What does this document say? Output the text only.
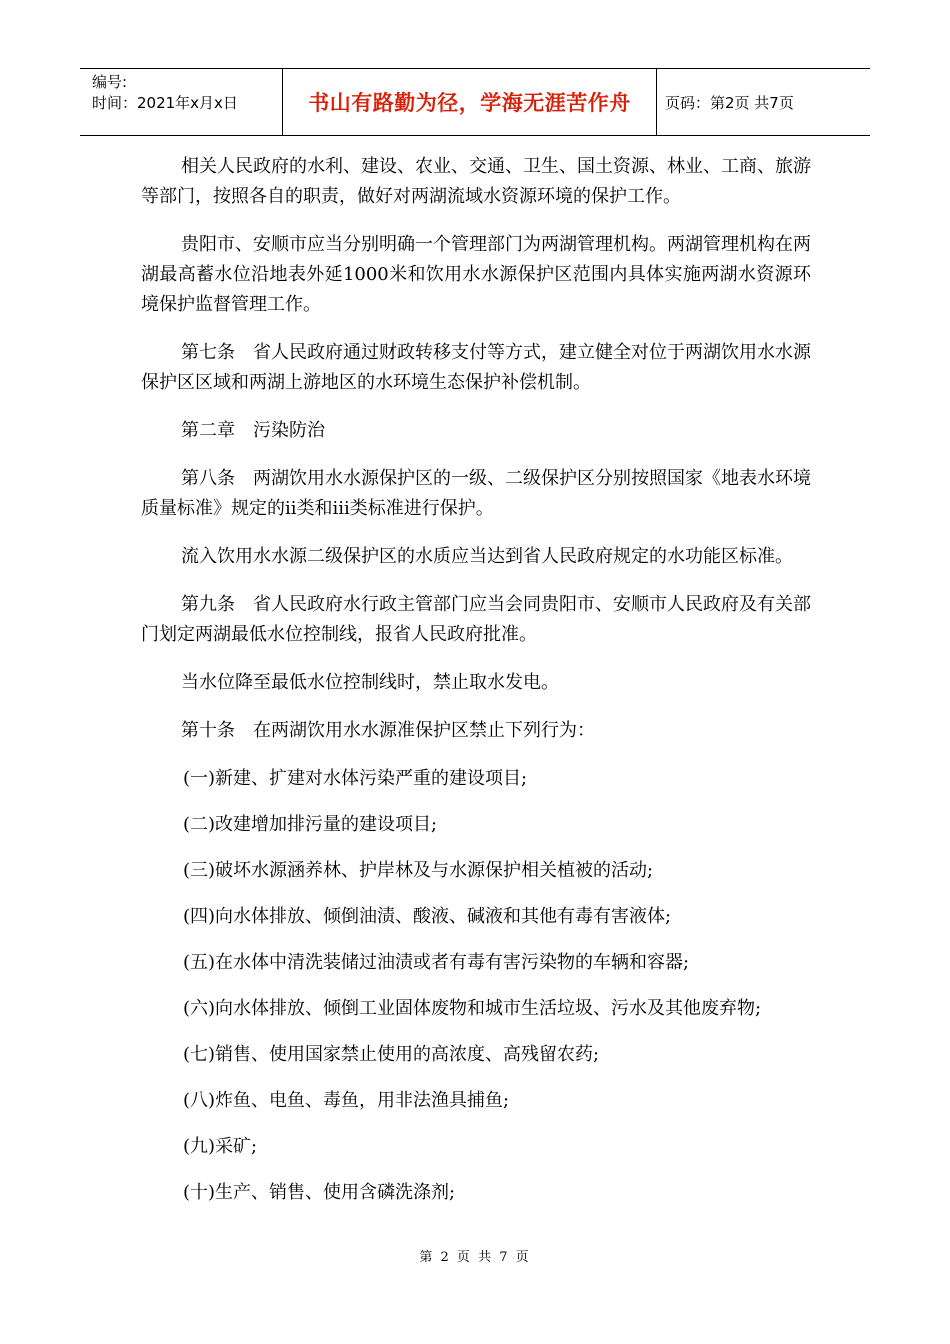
编号:
时间：2021年x月x日	书山有路勤为径，学海无涯苦作舟	页码：第2页 共7页

相关人民政府的水利、建设、农业、交通、卫生、国土资源、林业、工商、旅游等部门，按照各自的职责，做好对两湖流域水资源环境的保护工作。

贵阳市、安顺市应当分别明确一个管理部门为两湖管理机构。两湖管理机构在两湖最高蓄水位沿地表外延1000米和饮用水水源保护区范围内具体实施两湖水资源环境保护监督管理工作。

第七条　省人民政府通过财政转移支付等方式，建立健全对位于两湖饮用水水源保护区区域和两湖上游地区的水环境生态保护补偿机制。

第二章　污染防治

第八条　两湖饮用水水源保护区的一级、二级保护区分别按照国家《地表水环境质量标准》规定的ⅱ类和ⅲ类标准进行保护。

流入饮用水水源二级保护区的水质应当达到省人民政府规定的水功能区标准。

第九条　省人民政府水行政主管部门应当会同贵阳市、安顺市人民政府及有关部门划定两湖最低水位控制线，报省人民政府批准。

当水位降至最低水位控制线时，禁止取水发电。

第十条　在两湖饮用水水源准保护区禁止下列行为：

(一)新建、扩建对水体污染严重的建设项目;

(二)改建增加排污量的建设项目;

(三)破坏水源涵养林、护岸林及与水源保护相关植被的活动;

(四)向水体排放、倾倒油渍、酸液、碱液和其他有毒有害液体;

(五)在水体中清洗装储过油渍或者有毒有害污染物的车辆和容器;

(六)向水体排放、倾倒工业固体废物和城市生活垃圾、污水及其他废弃物;

(七)销售、使用国家禁止使用的高浓度、高残留农药;

(八)炸鱼、电鱼、毒鱼，用非法渔具捕鱼;

(九)采矿;

(十)生产、销售、使用含磷洗涤剂;

第 2 页 共 7 页
